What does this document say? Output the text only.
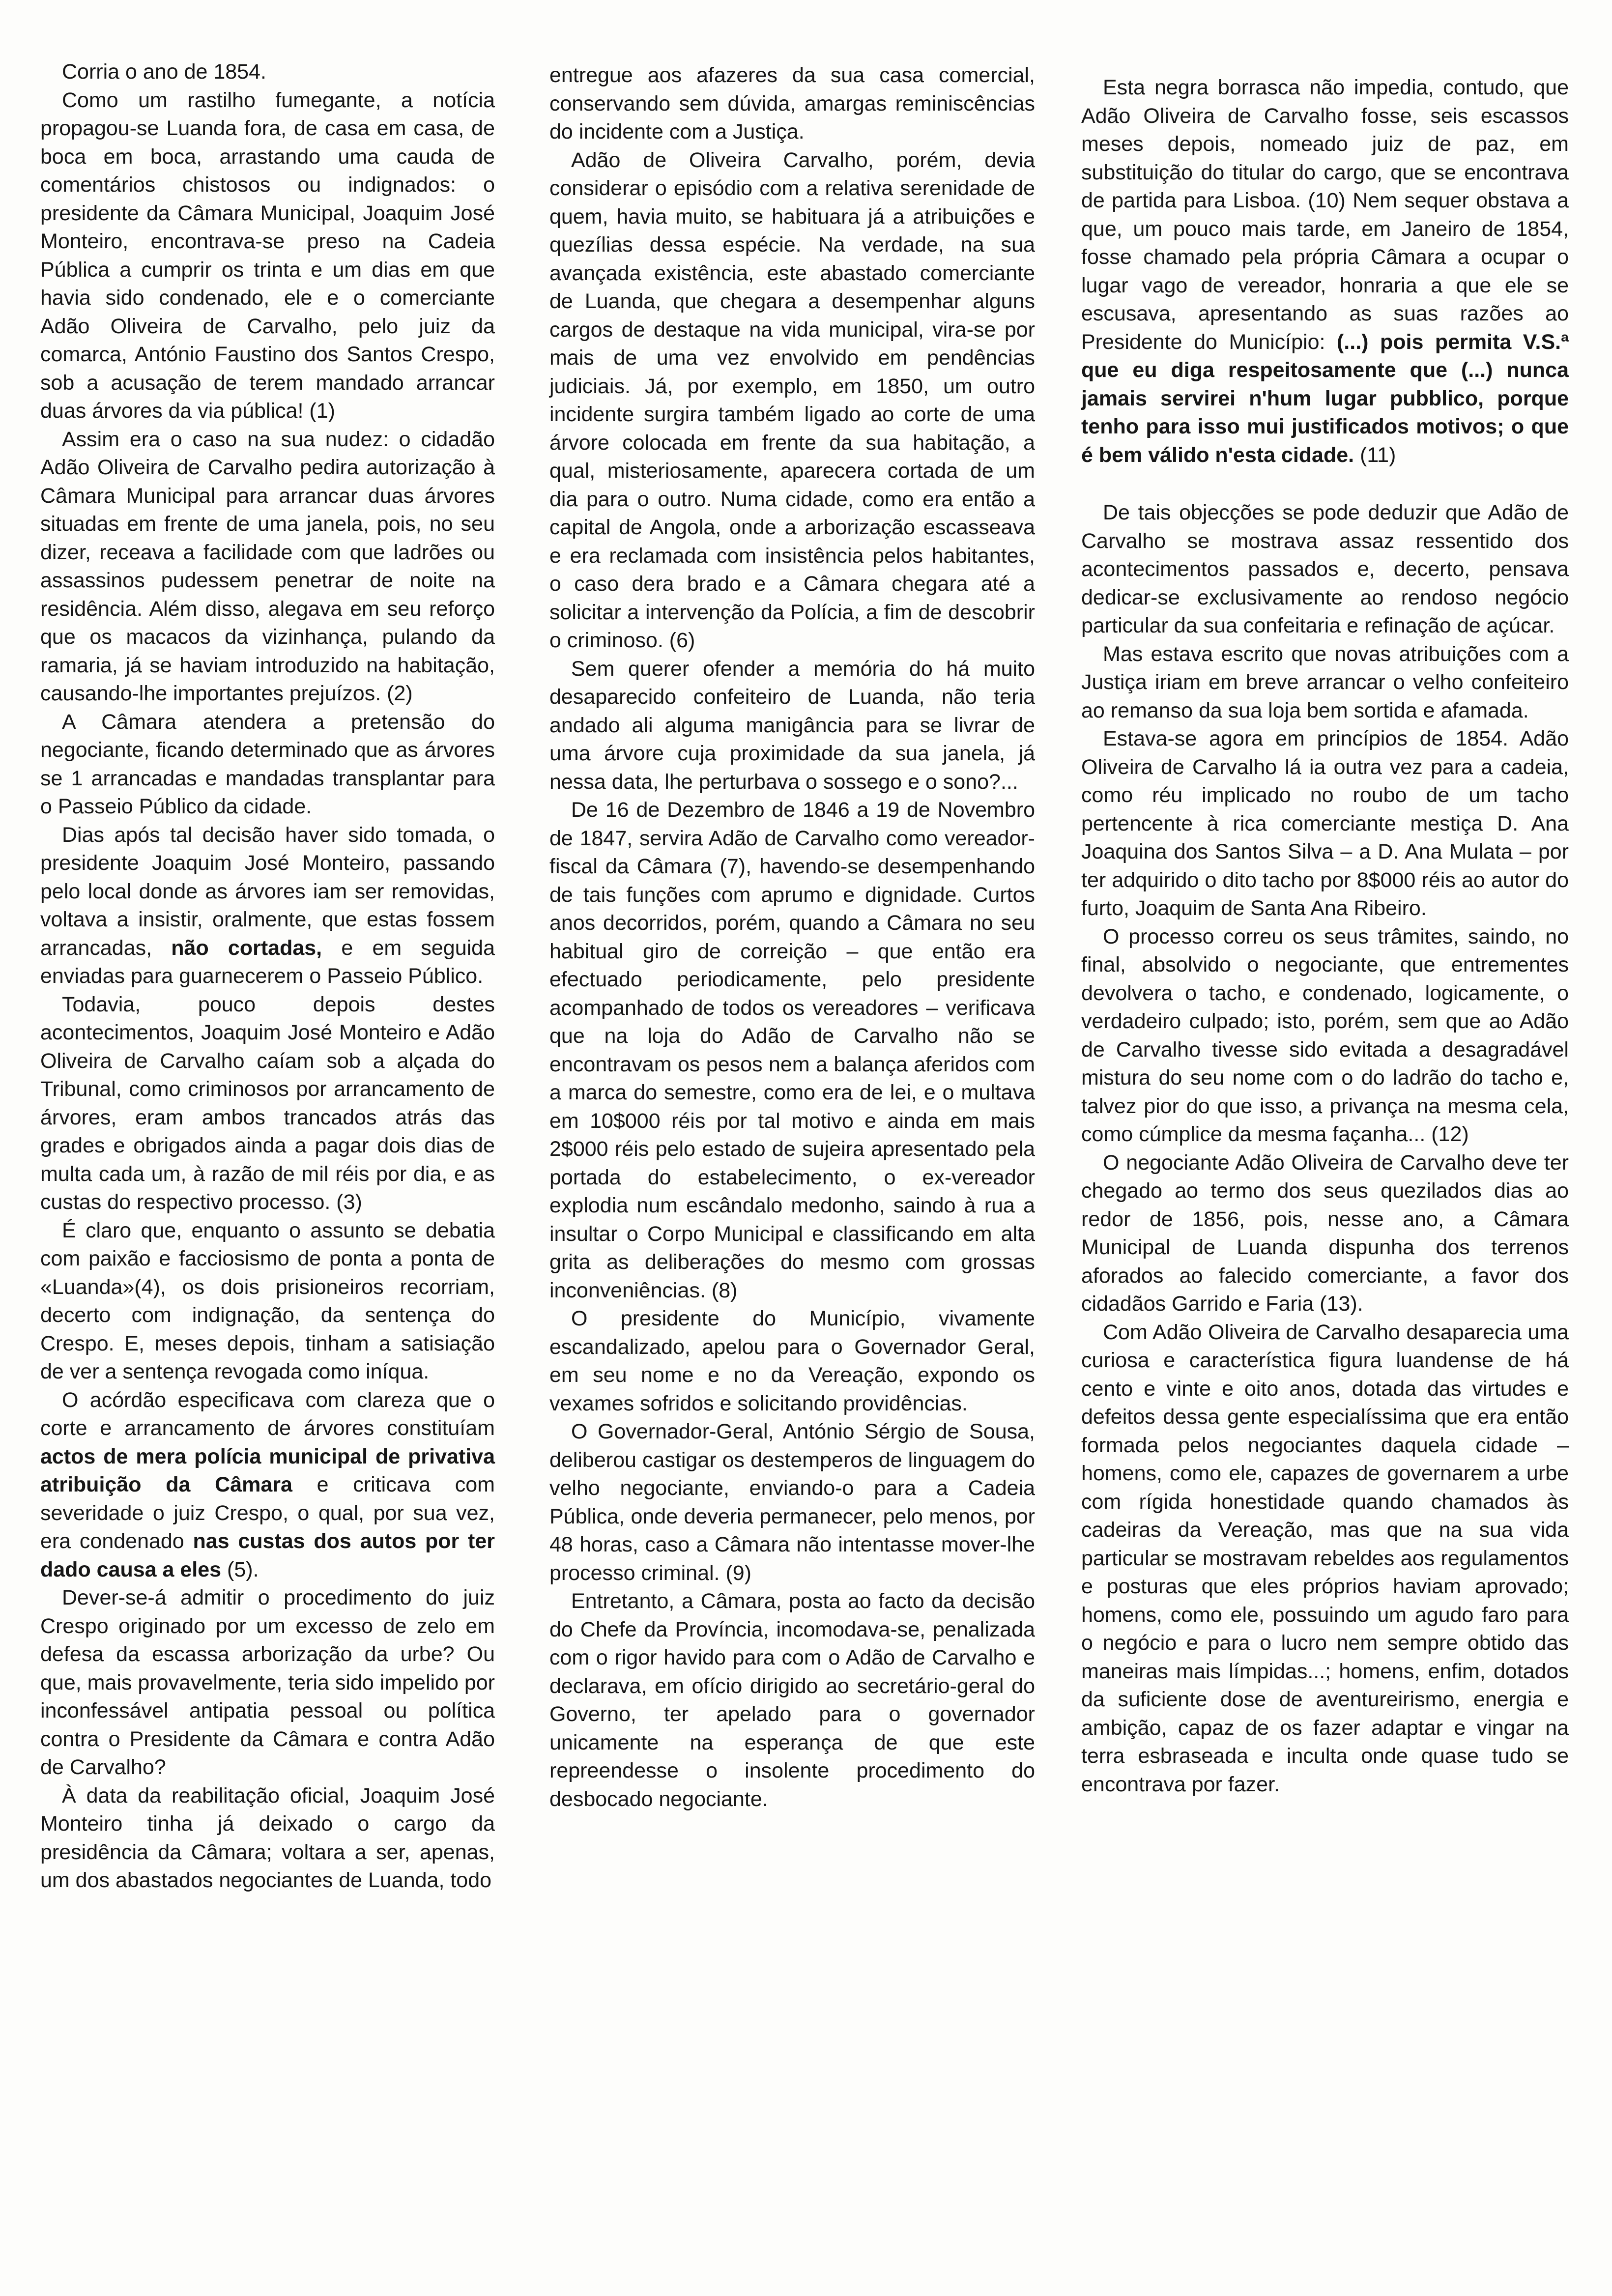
Corria o ano de 1854.

Como um rastilho fumegante, a notícia propagou-se Luanda fora, de casa em casa, de boca em boca, arrastando uma cauda de comentários chistosos ou indignados: o presidente da Câmara Municipal, Joaquim José Monteiro, encontrava-se preso na Cadeia Pública a cumprir os trinta e um dias em que havia sido condenado, ele e o comerciante Adão Oliveira de Carvalho, pelo juiz da comarca, António Faustino dos Santos Crespo, sob a acusação de terem mandado arrancar duas árvores da via pública! (1)

Assim era o caso na sua nudez: o cidadão Adão Oliveira de Carvalho pedira autorização à Câmara Municipal para arrancar duas árvores situadas em frente de uma janela, pois, no seu dizer, receava a facilidade com que ladrões ou assassinos pudessem penetrar de noite na residência. Além disso, alegava em seu reforço que os macacos da vizinhança, pulando da ramaria, já se haviam introduzido na habitação, causando-lhe importantes prejuízos. (2)

A Câmara atendera a pretensão do negociante, ficando determinado que as árvores se 1 arrancadas e mandadas transplantar para o Passeio Público da cidade.

Dias após tal decisão haver sido tomada, o presidente Joaquim José Monteiro, passando pelo local donde as árvores iam ser removidas, voltava a insistir, oralmente, que estas fossem arrancadas, não cortadas, e em seguida enviadas para guarnecerem o Passeio Público.

Todavia, pouco depois destes acontecimentos, Joaquim José Monteiro e Adão Oliveira de Carvalho caíam sob a alçada do Tribunal, como criminosos por arrancamento de árvores, eram ambos trancados atrás das grades e obrigados ainda a pagar dois dias de multa cada um, à razão de mil réis por dia, e as custas do respectivo processo. (3)

É claro que, enquanto o assunto se debatia com paixão e facciosismo de ponta a ponta de «Luanda»(4), os dois prisioneiros recorriam, decerto com indignação, da sentença do Crespo. E, meses depois, tinham a satisiação de ver a sentença revogada como iníqua.

O acórdão especificava com clareza que o corte e arrancamento de árvores constituíam actos de mera polícia municipal de privativa atribuição da Câmara e criticava com severidade o juiz Crespo, o qual, por sua vez, era condenado nas custas dos autos por ter dado causa a eles (5).

Dever-se-á admitir o procedimento do juiz Crespo originado por um excesso de zelo em defesa da escassa arborização da urbe? Ou que, mais provavelmente, teria sido impelido por inconfessável antipatia pessoal ou política contra o Presidente da Câmara e contra Adão de Carvalho?

À data da reabilitação oficial, Joaquim José Monteiro tinha já deixado o cargo da presidência da Câmara; voltara a ser, apenas, um dos abastados negociantes de Luanda, todo

entregue aos afazeres da sua casa comercial, conservando sem dúvida, amargas reminiscências do incidente com a Justiça.

Adão de Oliveira Carvalho, porém, devia considerar o episódio com a relativa serenidade de quem, havia muito, se habituara já a atribuições e quezílias dessa espécie. Na verdade, na sua avançada existência, este abastado comerciante de Luanda, que chegara a desempenhar alguns cargos de destaque na vida municipal, vira-se por mais de uma vez envolvido em pendências judiciais. Já, por exemplo, em 1850, um outro incidente surgira também ligado ao corte de uma árvore colocada em frente da sua habitação, a qual, misteriosamente, aparecera cortada de um dia para o outro. Numa cidade, como era então a capital de Angola, onde a arborização escasseava e era reclamada com insistência pelos habitantes, o caso dera brado e a Câmara chegara até a solicitar a intervenção da Polícia, a fim de descobrir o criminoso. (6)

Sem querer ofender a memória do há muito desaparecido confeiteiro de Luanda, não teria andado ali alguma manigância para se livrar de uma árvore cuja proximidade da sua janela, já nessa data, lhe perturbava o sossego e o sono?...

De 16 de Dezembro de 1846 a 19 de Novembro de 1847, servira Adão de Carvalho como vereador-fiscal da Câmara (7), havendo-se desempenhando de tais funções com aprumo e dignidade. Curtos anos decorridos, porém, quando a Câmara no seu habitual giro de correição – que então era efectuado periodicamente, pelo presidente acompanhado de todos os vereadores – verificava que na loja do Adão de Carvalho não se encontravam os pesos nem a balança aferidos com a marca do semestre, como era de lei, e o multava em 10$000 réis por tal motivo e ainda em mais 2$000 réis pelo estado de sujeira apresentado pela portada do estabelecimento, o ex-vereador explodia num escândalo medonho, saindo à rua a insultar o Corpo Municipal e classificando em alta grita as deliberações do mesmo com grossas inconveniências. (8)

O presidente do Município, vivamente escandalizado, apelou para o Governador Geral, em seu nome e no da Vereação, expondo os vexames sofridos e solicitando providências.

O Governador-Geral, António Sérgio de Sousa, deliberou castigar os destemperos de linguagem do velho negociante, enviando-o para a Cadeia Pública, onde deveria permanecer, pelo menos, por 48 horas, caso a Câmara não intentasse mover-lhe processo criminal. (9)

Entretanto, a Câmara, posta ao facto da decisão do Chefe da Província, incomodava-se, penalizada com o rigor havido para com o Adão de Carvalho e declarava, em ofício dirigido ao secretário-geral do Governo, ter apelado para o governador unicamente na esperança de que este repreendesse o insolente procedimento do desbocado negociante.

Esta negra borrasca não impedia, contudo, que Adão Oliveira de Carvalho fosse, seis escassos meses depois, nomeado juiz de paz, em substituição do titular do cargo, que se encontrava de partida para Lisboa. (10) Nem sequer obstava a que, um pouco mais tarde, em Janeiro de 1854, fosse chamado pela própria Câmara a ocupar o lugar vago de vereador, honraria a que ele se escusava, apresentando as suas razões ao Presidente do Município: (...) pois permita V.S.ª que eu diga respeitosamente que (...) nunca jamais servirei n'hum lugar pubblico, porque tenho para isso mui justificados motivos; o que é bem válido n'esta cidade. (11)

De tais objecções se pode deduzir que Adão de Carvalho se mostrava assaz ressentido dos acontecimentos passados e, decerto, pensava dedicar-se exclusivamente ao rendoso negócio particular da sua confeitaria e refinação de açúcar.

Mas estava escrito que novas atribuições com a Justiça iriam em breve arrancar o velho confeiteiro ao remanso da sua loja bem sortida e afamada.

Estava-se agora em princípios de 1854. Adão Oliveira de Carvalho lá ia outra vez para a cadeia, como réu implicado no roubo de um tacho pertencente à rica comerciante mestiça D. Ana Joaquina dos Santos Silva – a D. Ana Mulata – por ter adquirido o dito tacho por 8$000 réis ao autor do furto, Joaquim de Santa Ana Ribeiro.

O processo correu os seus trâmites, saindo, no final, absolvido o negociante, que entrementes devolvera o tacho, e condenado, logicamente, o verdadeiro culpado; isto, porém, sem que ao Adão de Carvalho tivesse sido evitada a desagradável mistura do seu nome com o do ladrão do tacho e, talvez pior do que isso, a privança na mesma cela, como cúmplice da mesma façanha... (12)

O negociante Adão Oliveira de Carvalho deve ter chegado ao termo dos seus quezilados dias ao redor de 1856, pois, nesse ano, a Câmara Municipal de Luanda dispunha dos terrenos aforados ao falecido comerciante, a favor dos cidadãos Garrido e Faria (13).

Com Adão Oliveira de Carvalho desaparecia uma curiosa e característica figura luandense de há cento e vinte e oito anos, dotada das virtudes e defeitos dessa gente especialíssima que era então formada pelos negociantes daquela cidade – homens, como ele, capazes de governarem a urbe com rígida honestidade quando chamados às cadeiras da Vereação, mas que na sua vida particular se mostravam rebeldes aos regulamentos e posturas que eles próprios haviam aprovado; homens, como ele, possuindo um agudo faro para o negócio e para o lucro nem sempre obtido das maneiras mais límpidas...; homens, enfim, dotados da suficiente dose de aventureirismo, energia e ambição, capaz de os fazer adaptar e vingar na terra esbraseada e inculta onde quase tudo se encontrava por fazer.
